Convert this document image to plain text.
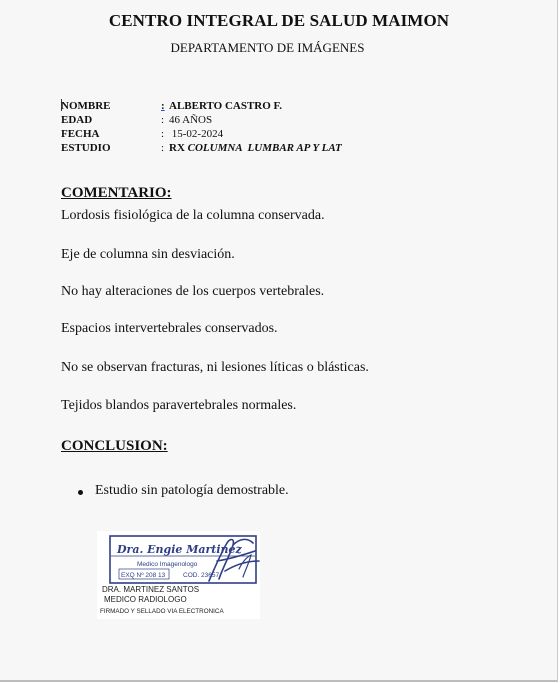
CENTRO INTEGRAL DE SALUD MAIMON
DEPARTAMENTO DE IMÁGENES
NOMBRE	: ALBERTO CASTRO F.
EDAD	: 46 AÑOS
FECHA	: 15-02-2024
ESTUDIO	: RX COLUMNA  LUMBAR AP Y LAT
COMENTARIO:
Lordosis fisiológica de la columna conservada.
Eje de columna sin desviación.
No hay alteraciones de los cuerpos vertebrales.
Espacios intervertebrales conservados.
No se observan fracturas, ni lesiones líticas o blásticas.
Tejidos blandos paravertebrales normales.
CONCLUSION:
Estudio sin patología demostrable.
Dra. Engie Martinez
Medico Imagenologo
EXQ Nº 208 13	COD. 23657
DRA. MARTINEZ SANTOS
MEDICO RADIOLOGO
FIRMADO Y SELLADO VIA ELECTRONICA
